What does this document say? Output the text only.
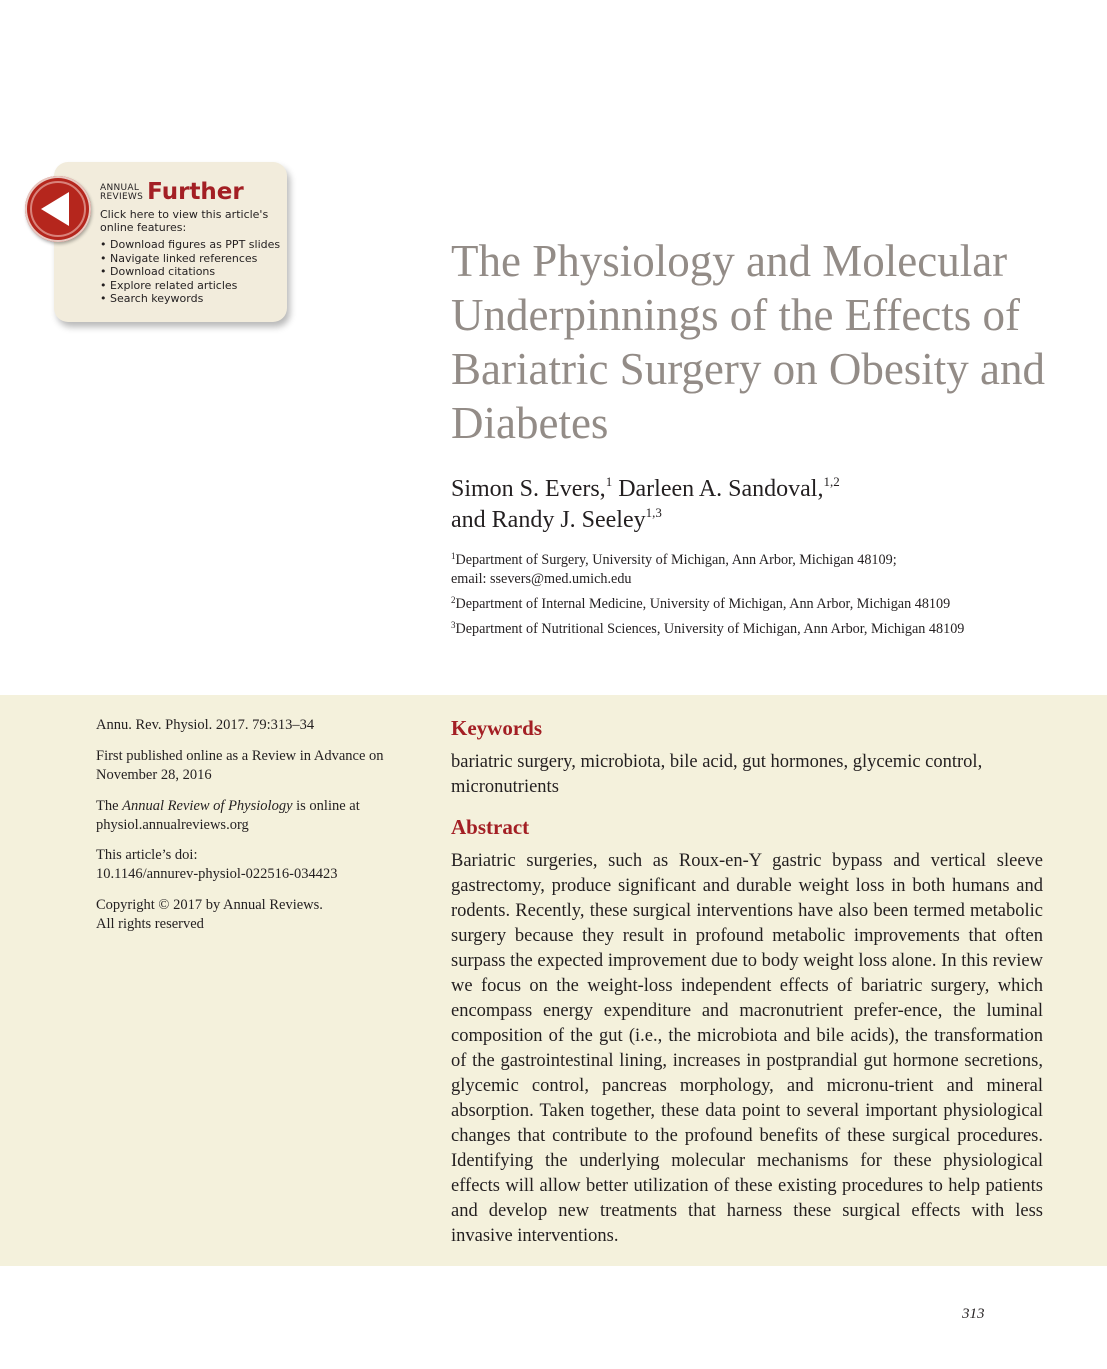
ANNUAL
REVIEWS Further
Click here to view this article's online features:
• Download figures as PPT slides
• Navigate linked references
• Download citations
• Explore related articles
• Search keywords
The Physiology and Molecular Underpinnings of the Effects of Bariatric Surgery on Obesity and Diabetes
Simon S. Evers,$^1$ Darleen A. Sandoval,$^{1,2}$
and Randy J. Seeley$^{1,3}$
$^1$Department of Surgery, University of Michigan, Ann Arbor, Michigan 48109;
email: ssevers@med.umich.edu
$^2$Department of Internal Medicine, University of Michigan, Ann Arbor, Michigan 48109
$^3$Department of Nutritional Sciences, University of Michigan, Ann Arbor, Michigan 48109
Annu. Rev. Physiol. 2017. 79:313–34
First published online as a Review in Advance on
November 28, 2016
The Annual Review of Physiology is online at
physiol.annualreviews.org
This article’s doi:
10.1146/annurev-physiol-022516-034423
Copyright © 2017 by Annual Reviews.
All rights reserved
Keywords
bariatric surgery, microbiota, bile acid, gut hormones, glycemic control, micronutrients
Abstract

Bariatric surgeries, such as Roux-en-Y gastric bypass and vertical sleeve gastrectomy, produce significant and durable weight loss in both humans and rodents. Recently, these surgical interventions have also been termed metabolic surgery because they result in profound metabolic improvements that often surpass the expected improvement due to body weight loss alone. In this review we focus on the weight-loss independent effects of bariatric surgery, which encompass energy expenditure and macronutrient prefer-ence, the luminal composition of the gut (i.e., the microbiota and bile acids), the transformation of the gastrointestinal lining, increases in postprandial gut hormone secretions, glycemic control, pancreas morphology, and micronu-trient and mineral absorption. Taken together, these data point to several important physiological changes that contribute to the profound benefits of these surgical procedures. Identifying the underlying molecular mechanisms for these physiological effects will allow better utilization of these existing procedures to help patients and develop new treatments that harness these surgical effects with less invasive interventions.

313
